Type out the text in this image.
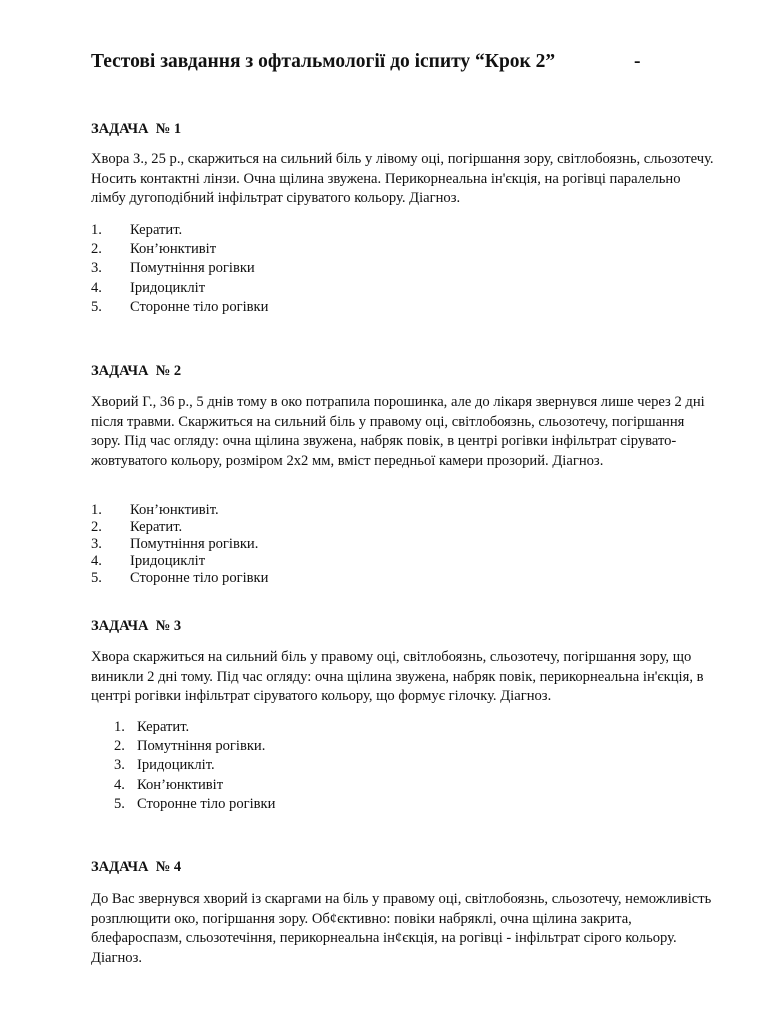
Тестові завдання з офтальмології до іспиту “Крок 2”	-
ЗАДАЧА  № 1

Хвора З., 25 р., скаржиться на сильний біль у лівому оці, погіршання зору, світлобоязнь, сльозотечу. Носить контактні лінзи. Очна щілина звужена. Перикорнеальна ін'єкція, на рогівці паралельно лімбу дугоподібний інфільтрат сіруватого кольору. Діагноз.

1. Кератит.
2. Кон’юнктивіт
3. Помутніння рогівки
4. Іридоцикліт
5. Сторонне тіло рогівки
ЗАДАЧА  № 2

Хворий Г., 36 р., 5 днів тому в око потрапила порошинка, але до лікаря звернувся лише через 2 дні після травми. Скаржиться на сильний біль у правому оці, світлобоязнь, сльозотечу, погіршання зору. Під час огляду: очна щілина звужена, набряк повік, в центрі рогівки інфільтрат сірувато-жовтуватого кольору, розміром 2х2 мм, вміст передньої камери прозорий. Діагноз.

1. Кон’юнктивіт.
2. Кератит.
3. Помутніння рогівки.
4. Іридоцикліт
5. Сторонне тіло рогівки
ЗАДАЧА  № 3

Хвора скаржиться на сильний біль у правому оці, світлобоязнь, сльозотечу, погіршання зору, що виникли 2 дні тому. Під час огляду: очна щілина звужена, набряк повік, перикорнеальна ін'єкція, в центрі рогівки інфільтрат сіруватого кольору, що формує гілочку. Діагноз.

1. Кератит.
2. Помутніння рогівки.
3. Іридоцикліт.
4. Кон’юнктивіт
5. Сторонне тіло рогівки
ЗАДАЧА  № 4

До Вас звернувся хворий із скаргами на біль у правому оці, світлобоязнь, сльозотечу, неможливість розплющити око, погіршання зору. Об¢єктивно: повіки набряклі, очна щілина закрита, блефароспазм, сльозотечіння, перикорнеальна ін¢єкція, на рогівці - інфільтрат сірого кольору. Діагноз.
